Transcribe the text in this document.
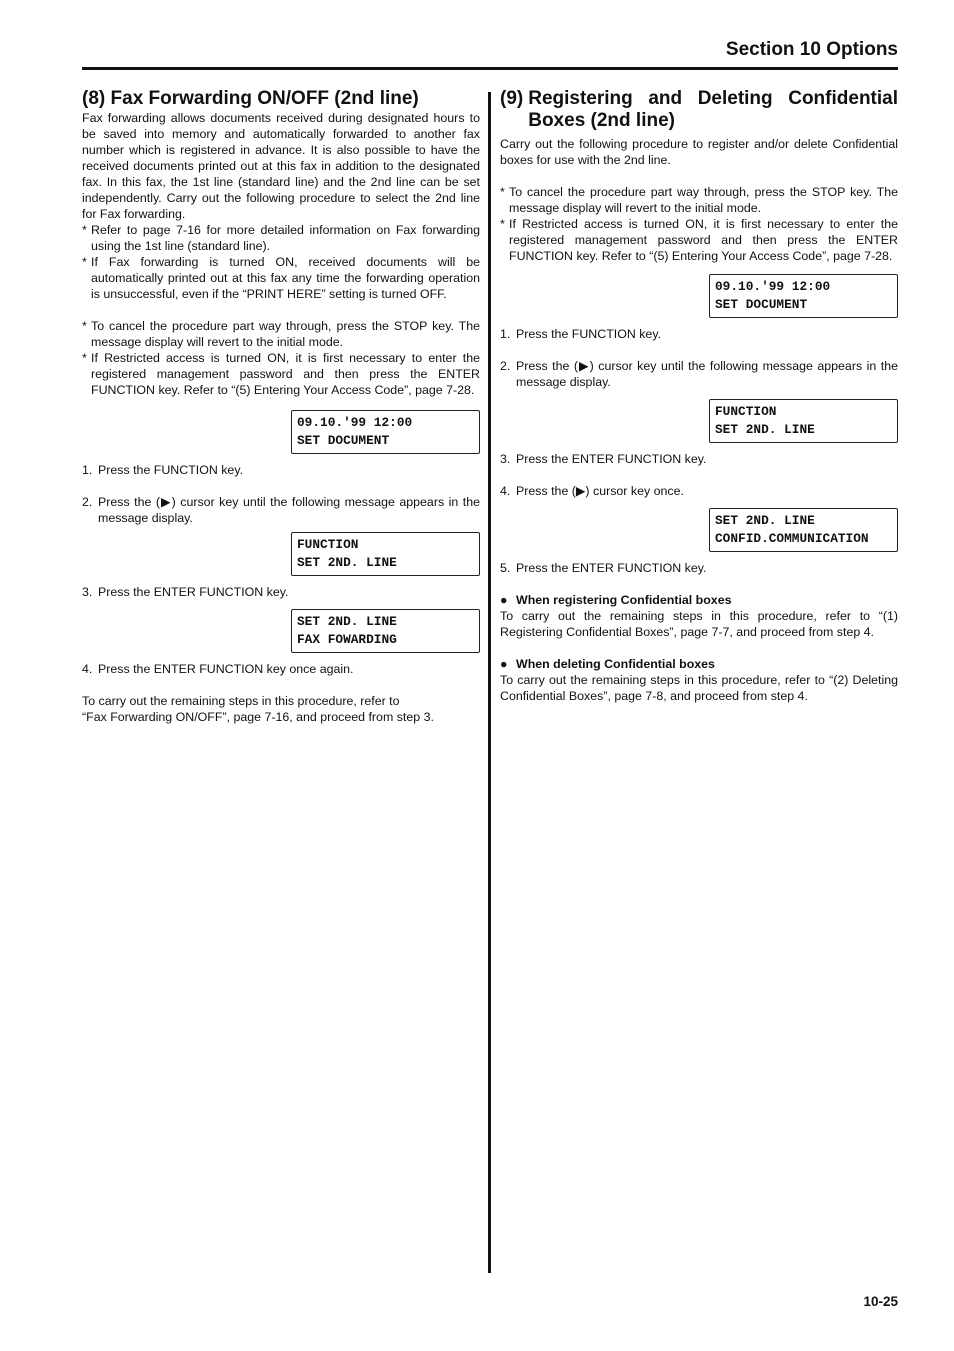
Section 10 Options
(8) Fax Forwarding ON/OFF (2nd line)

Fax forwarding allows documents received during designated hours to be saved into memory and automatically forwarded to another fax number which is registered in advance. It is also possible to have the received documents printed out at this fax in addition to the designated fax. In this fax, the 1st line (standard line) and the 2nd line can be set independently. Carry out the following procedure to select the 2nd line for Fax forwarding.

* Refer to page 7-16 for more detailed information on Fax forwarding using the 1st line (standard line).
* If Fax forwarding is turned ON, received documents will be automatically printed out at this fax any time the forwarding operation is unsuccessful, even if the “PRINT HERE” setting is turned OFF.
* To cancel the procedure part way through, press the STOP key. The message display will revert to the initial mode.
* If Restricted access is turned ON, it is first necessary to enter the registered management password and then press the ENTER FUNCTION key. Refer to “(5) Entering Your Access Code”, page 7-28.
09.10.'99 12:00
SET DOCUMENT
1. Press the FUNCTION key.
2. Press the (▶) cursor key until the following message appears in the message display.
FUNCTION
SET 2ND. LINE
3. Press the ENTER FUNCTION key.
SET 2ND. LINE
FAX FOWARDING
4. Press the ENTER FUNCTION key once again.

To carry out the remaining steps in this procedure, refer to

“Fax Forwarding ON/OFF”, page 7-16, and proceed from step 3.

(9) Registering and Deleting Confidential Boxes (2nd line)

Carry out the following procedure to register and/or delete Confidential boxes for use with the 2nd line.

* To cancel the procedure part way through, press the STOP key. The message display will revert to the initial mode.
* If Restricted access is turned ON, it is first necessary to enter the registered management password and then press the ENTER FUNCTION key. Refer to “(5) Entering Your Access Code”, page 7-28.
09.10.'99 12:00
SET DOCUMENT
1. Press the FUNCTION key.
2. Press the (▶) cursor key until the following message appears in the message display.
FUNCTION
SET 2ND. LINE
3. Press the ENTER FUNCTION key.
4. Press the (▶) cursor key once.
SET 2ND. LINE
CONFID.COMMUNICATION
5. Press the ENTER FUNCTION key.
● When registering Confidential boxes

To carry out the remaining steps in this procedure, refer to “(1) Registering Confidential Boxes”, page 7-7, and proceed from step 4.

● When deleting Confidential boxes

To carry out the remaining steps in this procedure, refer to “(2) Deleting Confidential Boxes”, page 7-8, and proceed from step 4.

10-25
